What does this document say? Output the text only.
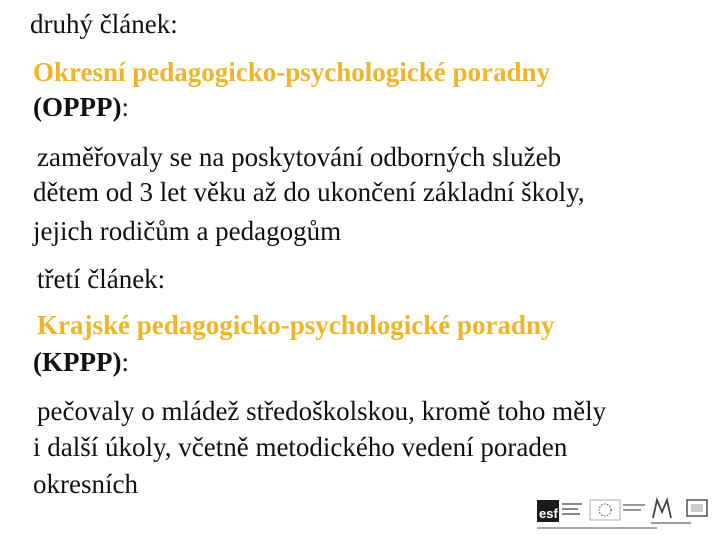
druhý článek:

Okresní pedagogicko-psychologické poradny

(OPPP):

zaměřovaly se na poskytování odborných služeb

dětem od 3 let věku až do ukončení základní školy,

jejich rodičům a pedagogům

třetí článek:

Krajské pedagogicko-psychologické poradny

(KPPP):

pečovaly o mládež středoškolskou, kromě toho měly

i další úkoly, včetně metodického vedení poraden

okresních

esf
